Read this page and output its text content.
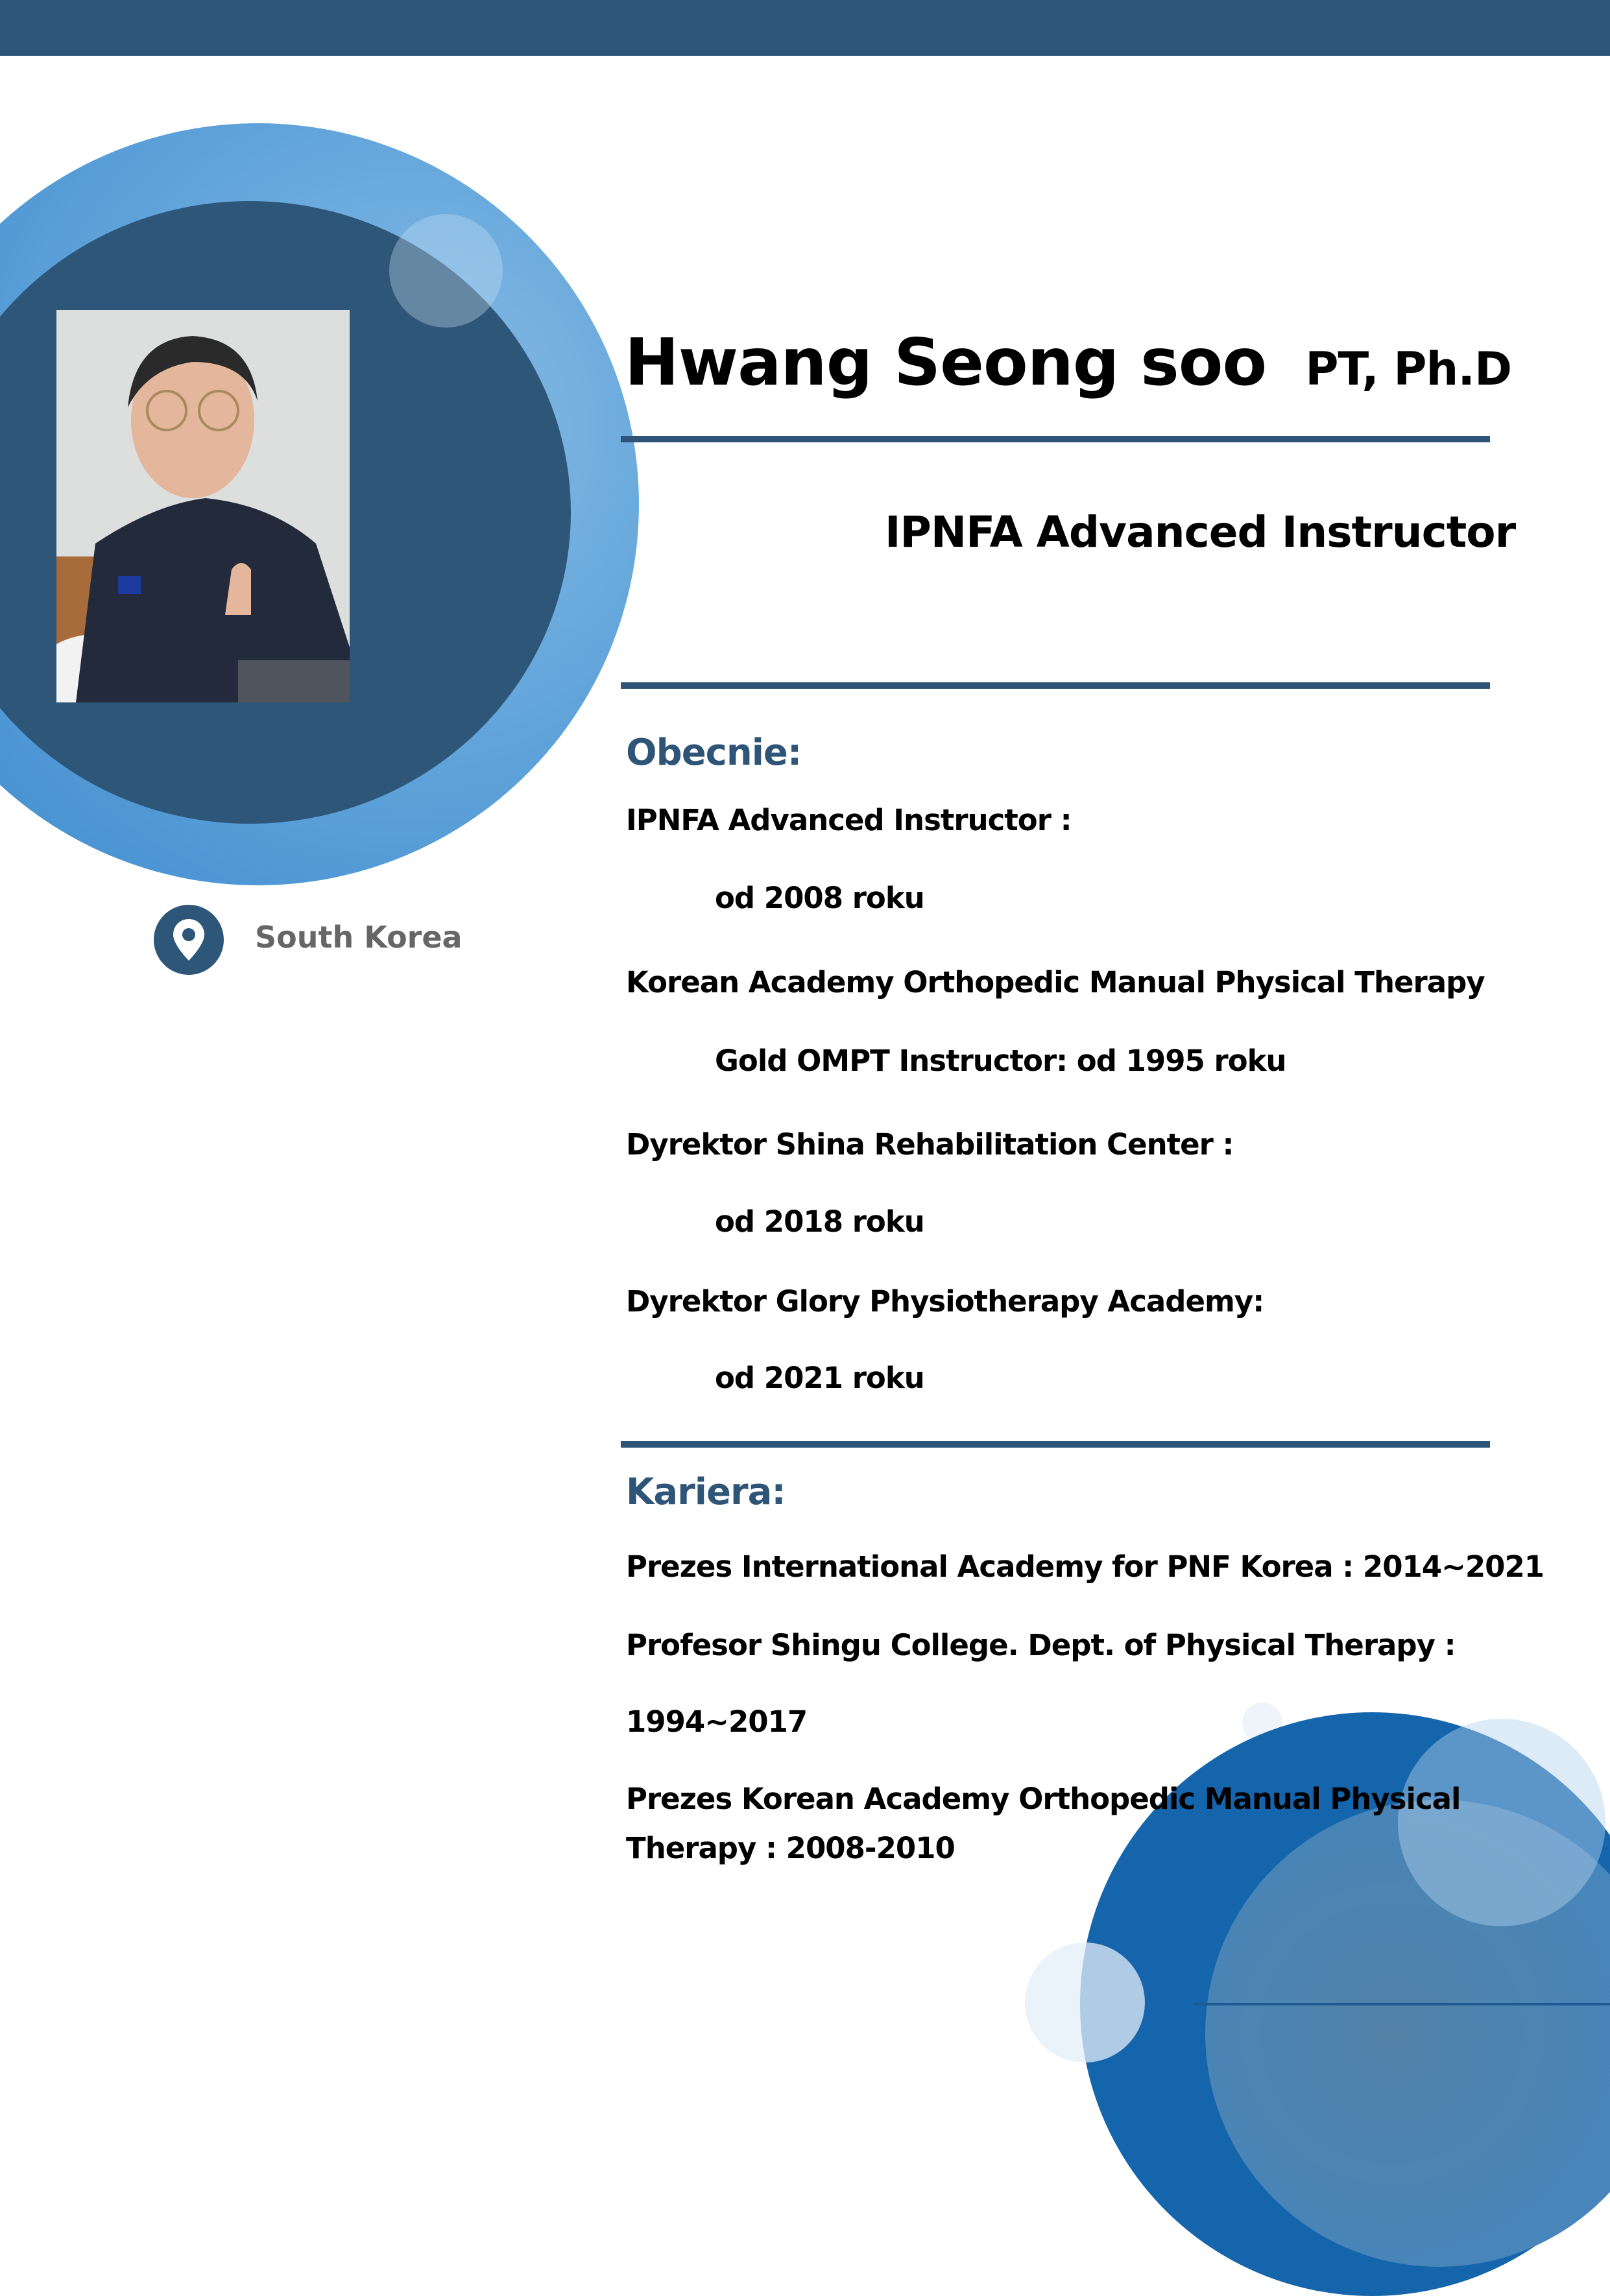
South Korea
Hwang Seong soo PT, Ph.D
IPNFA Advanced Instructor
Obecnie:
IPNFA Advanced Instructor :
od 2008 roku
Korean Academy Orthopedic Manual Physical Therapy
Gold OMPT Instructor: od 1995 roku
Dyrektor Shina Rehabilitation Center :
od 2018 roku
Dyrektor Glory Physiotherapy Academy:
od 2021 roku
Kariera:
Prezes International Academy for PNF Korea : 2014~2021
Profesor Shingu College. Dept. of Physical Therapy :
1994~2017
Prezes Korean Academy Orthopedic Manual Physical
Therapy : 2008-2010
